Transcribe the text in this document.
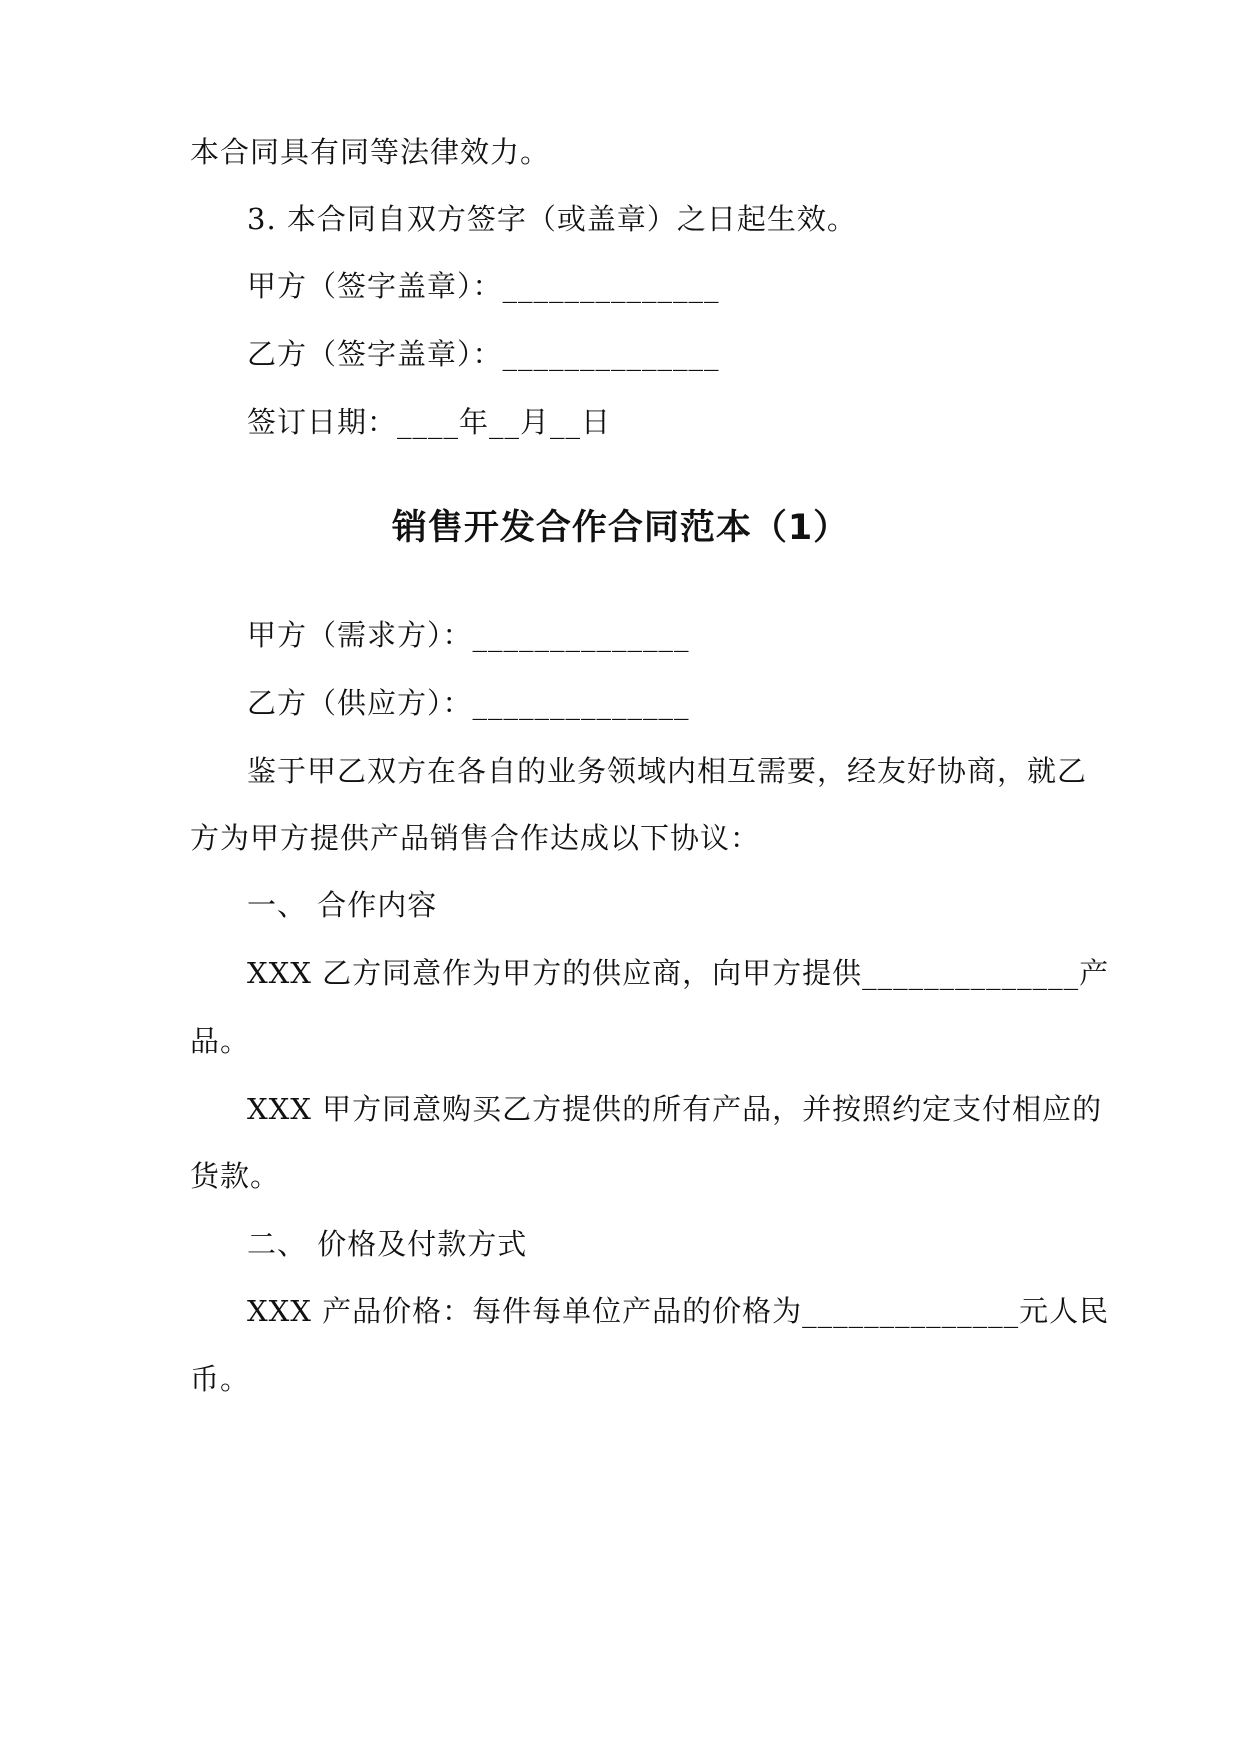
本合同具有同等法律效力。
3. 本合同自双方签字（或盖章）之日起生效。
甲方（签字盖章）：______________
乙方（签字盖章）：______________
签订日期：____年__月__日
销售开发合作合同范本（1）
甲方（需求方）：______________
乙方（供应方）：______________
鉴于甲乙双方在各自的业务领域内相互需要，经友好协商，就乙
方为甲方提供产品销售合作达成以下协议：
一、 合作内容
XXX 乙方同意作为甲方的供应商，向甲方提供______________产
品。
XXX 甲方同意购买乙方提供的所有产品，并按照约定支付相应的
货款。
二、 价格及付款方式
XXX 产品价格：每件每单位产品的价格为______________元人民
币。
